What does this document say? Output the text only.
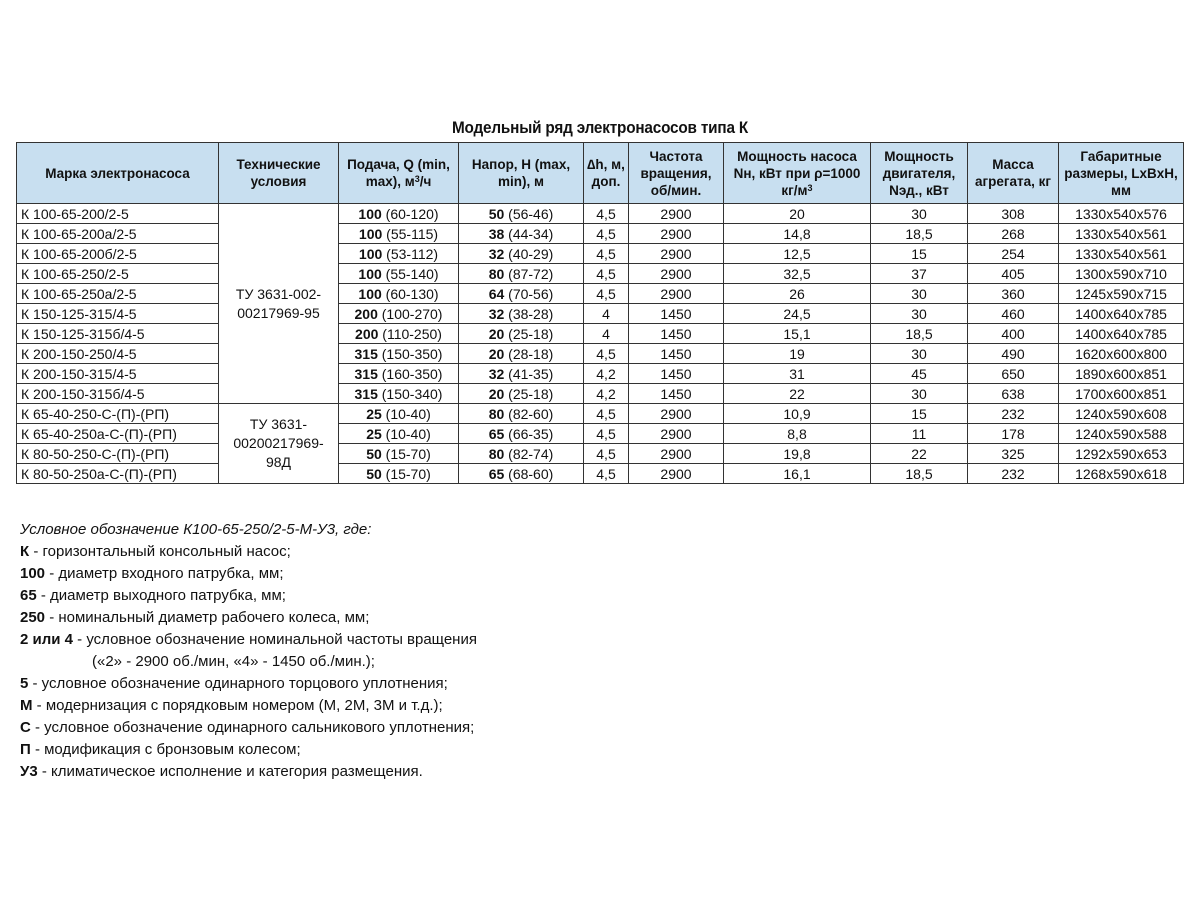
Модельный ряд электронасосов типа К
Марка электронасоса	Технические условия	Подача, Q (min, max), $м^3/ч$	Напор, H (max, min), м	∆h, м, доп.	Частота вращения, об/мин.	Мощность насоса Nн, кВт при ρ=1000 $кг/м^3$	Мощность двигателя, Nэд., кВт	Масса агрегата, кг	Габаритные размеры, LxBxH, мм
К 100-65-200/2-5	ТУ 3631-002-00217969-95	100 (60-120)	50 (56-46)	4,5	2900	20	30	308	1330x540x576
К 100-65-200а/2-5		100 (55-115)	38 (44-34)	4,5	2900	14,8	18,5	268	1330x540x561
К 100-65-200б/2-5		100 (53-112)	32 (40-29)	4,5	2900	12,5	15	254	1330x540x561
К 100-65-250/2-5		100 (55-140)	80 (87-72)	4,5	2900	32,5	37	405	1300x590x710
К 100-65-250а/2-5		100 (60-130)	64 (70-56)	4,5	2900	26	30	360	1245x590x715
К 150-125-315/4-5		200 (100-270)	32 (38-28)	4	1450	24,5	30	460	1400x640x785
К 150-125-315б/4-5		200 (110-250)	20 (25-18)	4	1450	15,1	18,5	400	1400x640x785
К 200-150-250/4-5		315 (150-350)	20 (28-18)	4,5	1450	19	30	490	1620x600x800
К 200-150-315/4-5		315 (160-350)	32 (41-35)	4,2	1450	31	45	650	1890x600x851
К 200-150-315б/4-5		315 (150-340)	20 (25-18)	4,2	1450	22	30	638	1700x600x851
К 65-40-250-С-(П)-(РП)	ТУ 3631-00200217969-98Д	25 (10-40)	80 (82-60)	4,5	2900	10,9	15	232	1240x590x608
К 65-40-250а-С-(П)-(РП)		25 (10-40)	65 (66-35)	4,5	2900	8,8	11	178	1240x590x588
К 80-50-250-С-(П)-(РП)		50 (15-70)	80 (82-74)	4,5	2900	19,8	22	325	1292x590x653
К 80-50-250а-С-(П)-(РП)		50 (15-70)	65 (68-60)	4,5	2900	16,1	18,5	232	1268x590x618
Условное обозначение К100-65-250/2-5-М-У3, где:
К - горизонтальный консольный насос;
100 - диаметр входного патрубка, мм;
65 - диаметр выходного патрубка, мм;
250 - номинальный диаметр рабочего колеса, мм;
2 или 4 - условное обозначение номинальной частоты вращения
(«2» - 2900 об./мин, «4» - 1450 об./мин.);
5 - условное обозначение одинарного торцового уплотнения;
М - модернизация с порядковым номером (М, 2М, 3М и т.д.);
С - условное обозначение одинарного сальникового уплотнения;
П - модификация с бронзовым колесом;
У3 - климатическое исполнение и категория размещения.
